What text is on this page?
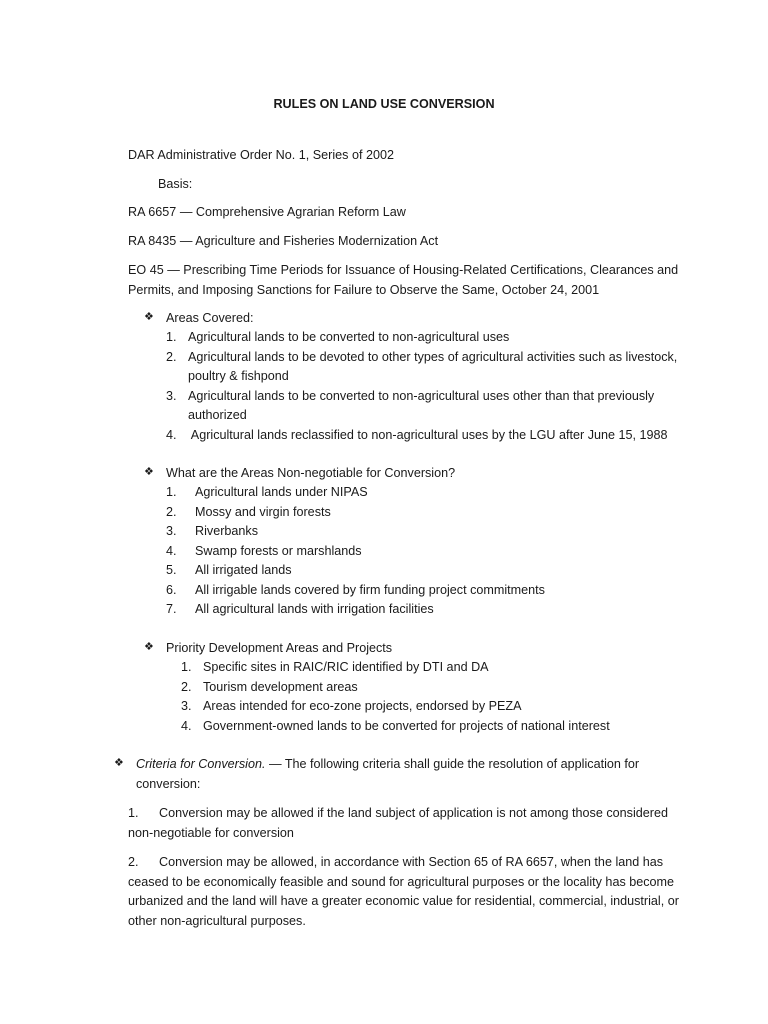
RULES ON LAND USE CONVERSION
DAR Administrative Order No. 1, Series of 2002
Basis:
RA 6657 — Comprehensive Agrarian Reform Law
RA 8435 — Agriculture and Fisheries Modernization Act
EO 45 — Prescribing Time Periods for Issuance of Housing-Related Certifications, Clearances and
Permits, and Imposing Sanctions for Failure to Observe the Same, October 24, 2001
❖ Areas Covered:
1. Agricultural lands to be converted to non-agricultural uses
2. Agricultural lands to be devoted to other types of agricultural activities such as livestock,
poultry & fishpond
3. Agricultural lands to be converted to non-agricultural uses other than that previously
authorized
4. Agricultural lands reclassified to non-agricultural uses by the LGU after June 15, 1988
❖ What are the Areas Non-negotiable for Conversion?
1. Agricultural lands under NIPAS
2. Mossy and virgin forests
3. Riverbanks
4. Swamp forests or marshlands
5. All irrigated lands
6. All irrigable lands covered by firm funding project commitments
7. All agricultural lands with irrigation facilities
❖ Priority Development Areas and Projects
1. Specific sites in RAIC/RIC identified by DTI and DA
2. Tourism development areas
3. Areas intended for eco-zone projects, endorsed by PEZA
4. Government-owned lands to be converted for projects of national interest
❖ Criteria for Conversion. — The following criteria shall guide the resolution of application for
conversion:
1. Conversion may be allowed if the land subject of application is not among those considered
non-negotiable for conversion
2. Conversion may be allowed, in accordance with Section 65 of RA 6657, when the land has
ceased to be economically feasible and sound for agricultural purposes or the locality has become
urbanized and the land will have a greater economic value for residential, commercial, industrial, or
other non-agricultural purposes.
